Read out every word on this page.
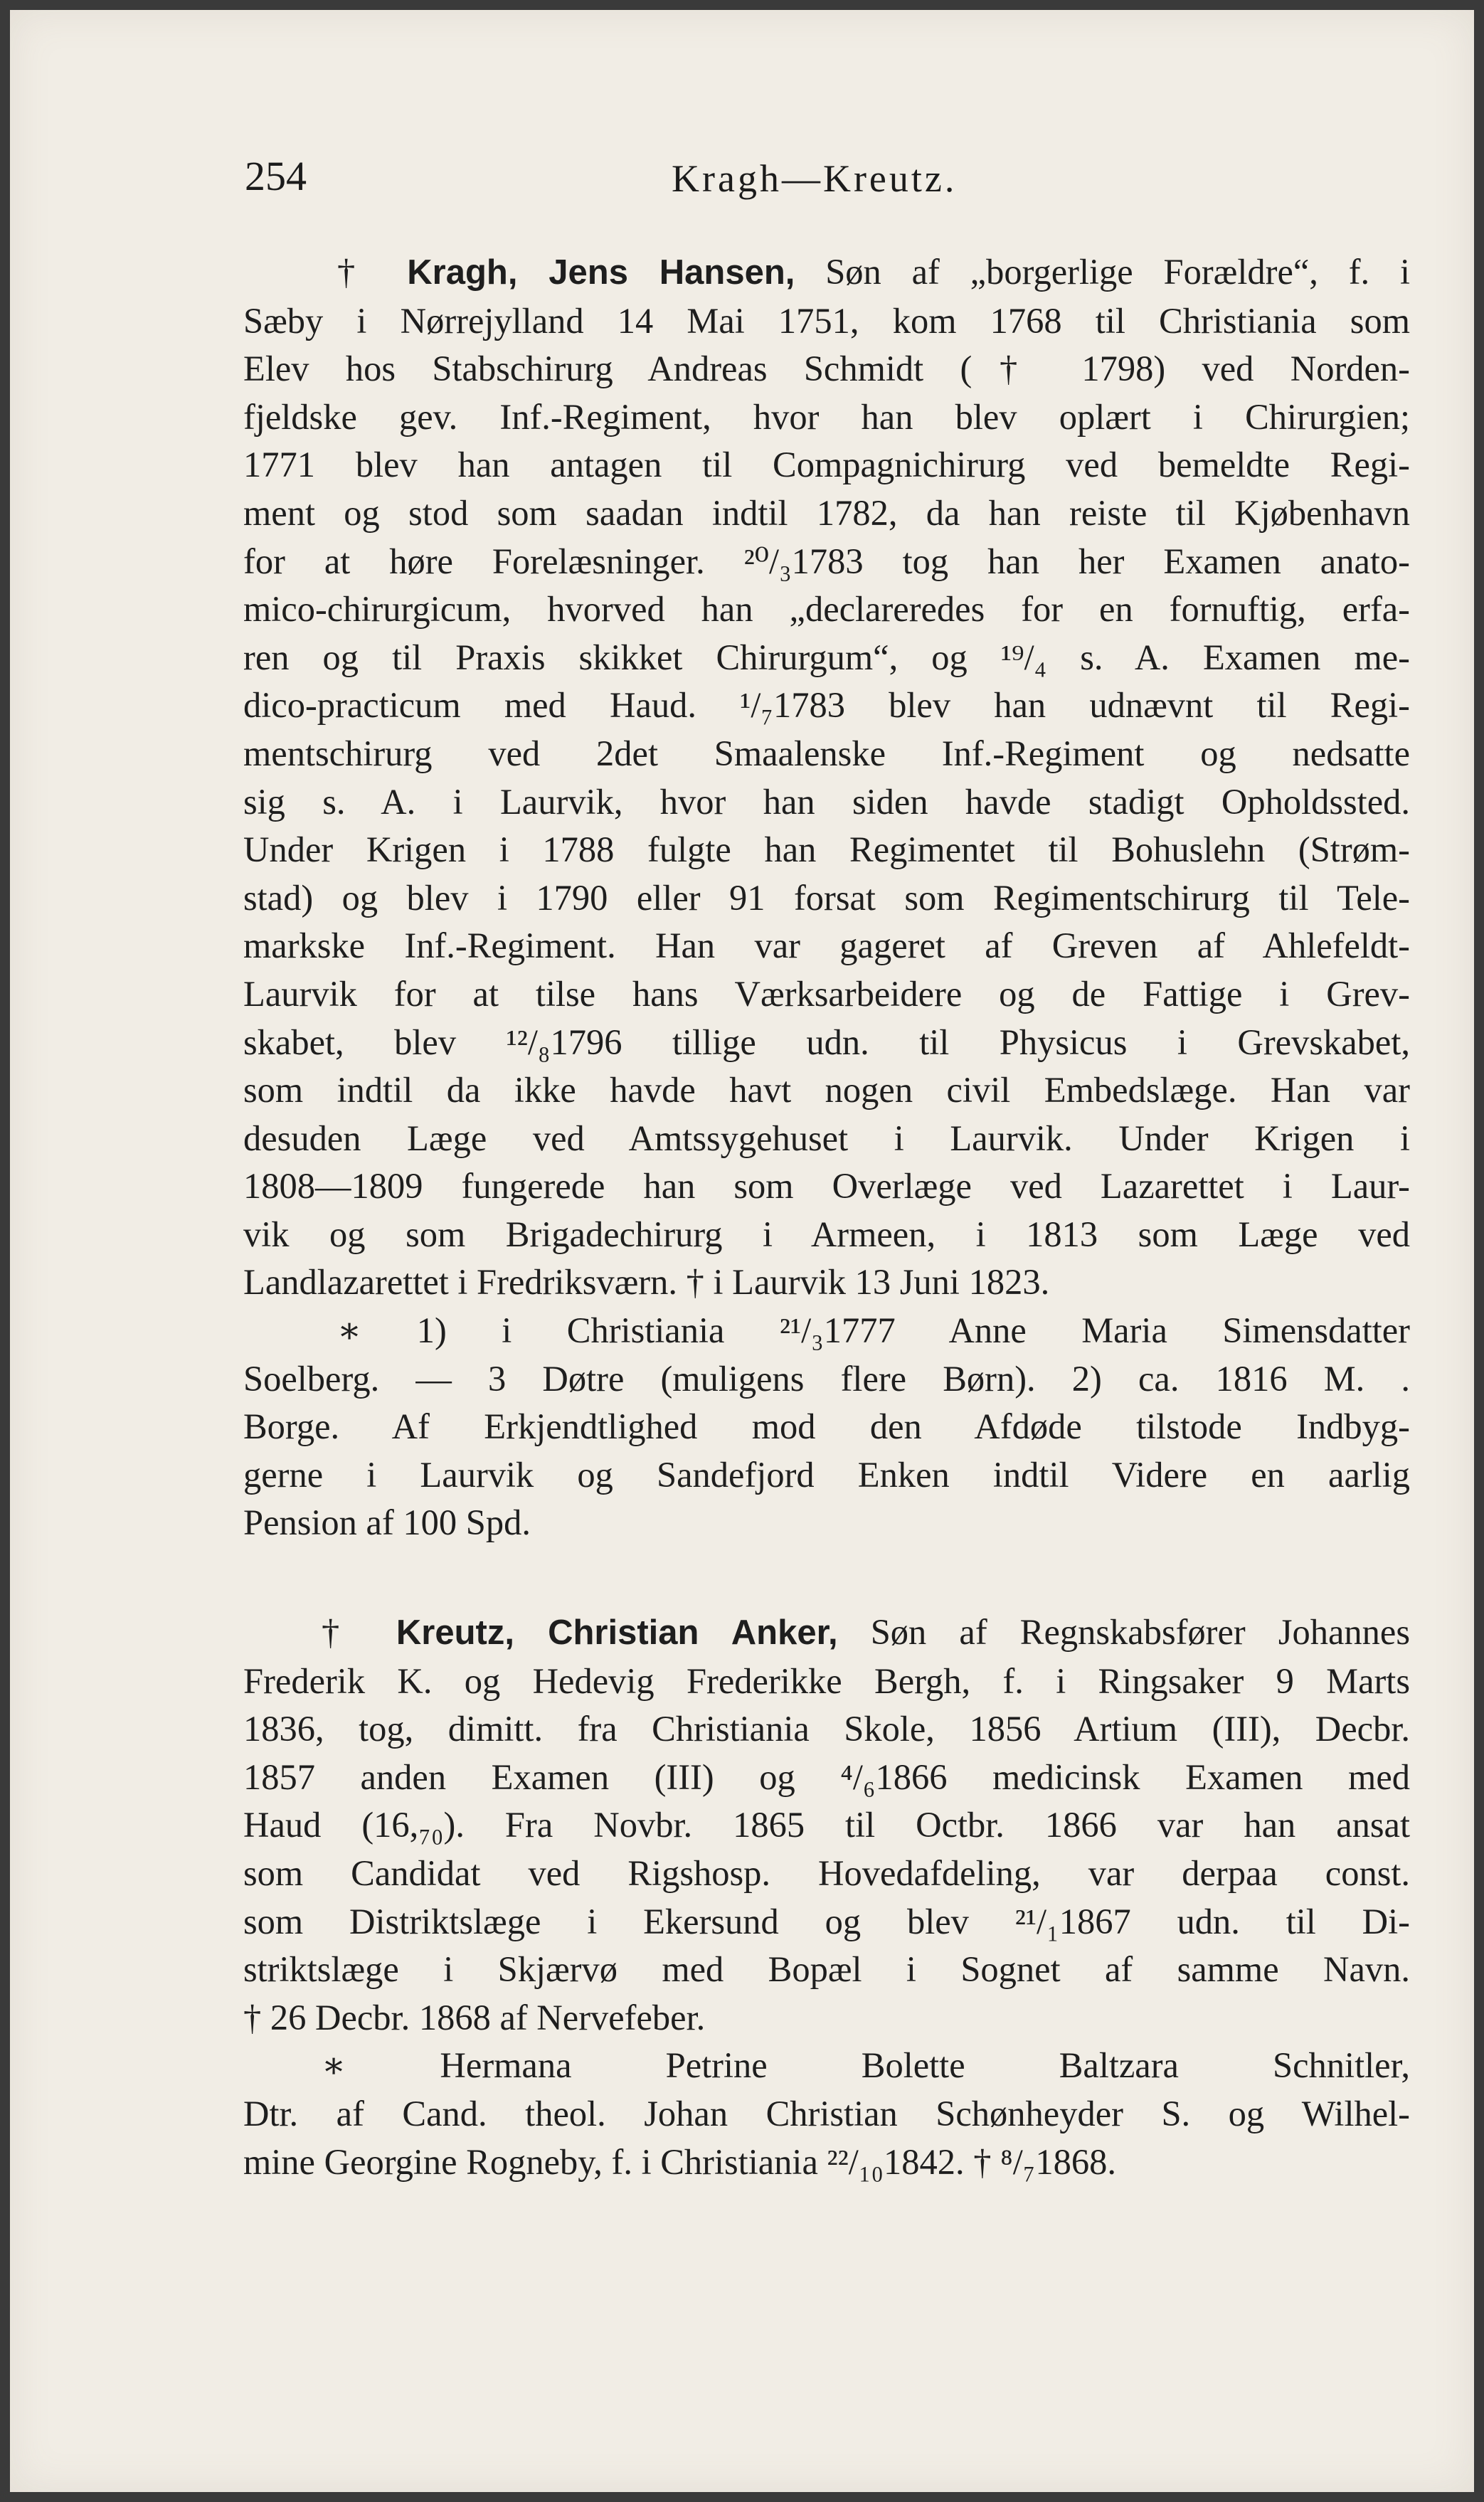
254	Kragh—Kreutz.
† Kragh, Jens Hansen, Søn af „borgerlige Forældre“, f. i
Sæby i Nørrejylland 14 Mai 1751, kom 1768 til Christiania som
Elev hos Stabschirurg Andreas Schmidt († 1798) ved Norden-
fjeldske gev. Inf.-Regiment, hvor han blev oplært i Chirurgien;
1771 blev han antagen til Compagnichirurg ved bemeldte Regi-
ment og stod som saadan indtil 1782, da han reiste til Kjøbenhavn
for at høre Forelæsninger. ²⁰/₃1783 tog han her Examen anato-
mico-chirurgicum, hvorved han „declareredes for en fornuftig, erfa-
ren og til Praxis skikket Chirurgum“, og ¹⁹/₄ s. A. Examen me-
dico-practicum med Haud. ¹/₇1783 blev han udnævnt til Regi-
mentschirurg ved 2det Smaalenske Inf.-Regiment og nedsatte
sig s. A. i Laurvik, hvor han siden havde stadigt Opholdssted.
Under Krigen i 1788 fulgte han Regimentet til Bohuslehn (Strøm-
stad) og blev i 1790 eller 91 forsat som Regimentschirurg til Tele-
markske Inf.-Regiment. Han var gageret af Greven af Ahlefeldt-
Laurvik for at tilse hans Værksarbeidere og de Fattige i Grev-
skabet, blev ¹²/₈1796 tillige udn. til Physicus i Grevskabet,
som indtil da ikke havde havt nogen civil Embedslæge. Han var
desuden Læge ved Amtssygehuset i Laurvik. Under Krigen i
1808—1809 fungerede han som Overlæge ved Lazarettet i Laur-
vik og som Brigadechirurg i Armeen, i 1813 som Læge ved
Landlazarettet i Fredriksværn. † i Laurvik 13 Juni 1823.
∗ 1) i Christiania ²¹/₃1777 Anne Maria Simensdatter
Soelberg. — 3 Døtre (muligens flere Børn). 2) ca. 1816 M. .
Borge. Af Erkjendtlighed mod den Afdøde tilstode Indbyg-
gerne i Laurvik og Sandefjord Enken indtil Videre en aarlig
Pension af 100 Spd.
† Kreutz, Christian Anker, Søn af Regnskabsfører Johannes
Frederik K. og Hedevig Frederikke Bergh, f. i Ringsaker 9 Marts
1836, tog, dimitt. fra Christiania Skole, 1856 Artium (III), Decbr.
1857 anden Examen (III) og ⁴/₆1866 medicinsk Examen med
Haud (16,₇₀). Fra Novbr. 1865 til Octbr. 1866 var han ansat
som Candidat ved Rigshosp. Hovedafdeling, var derpaa const.
som Distriktslæge i Ekersund og blev ²¹/₁1867 udn. til Di-
striktslæge i Skjærvø med Bopæl i Sognet af samme Navn.
† 26 Decbr. 1868 af Nervefeber.
∗ Hermana Petrine Bolette Baltzara Schnitler,
Dtr. af Cand. theol. Johan Christian Schønheyder S. og Wilhel-
mine Georgine Rogneby, f. i Christiania ²²/₁₀1842. † ⁸/₇1868.
